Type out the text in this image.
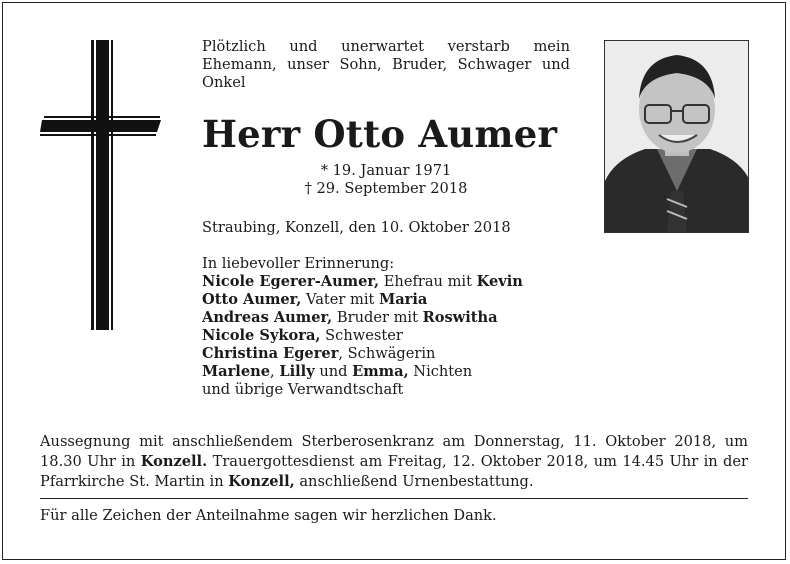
Plötzlich und unerwartet verstarb mein Ehemann, unser Sohn, Bruder, Schwager und Onkel
Herr Otto Aumer
* 19. Januar 1971
† 29. September 2018
Straubing, Konzell, den 10. Oktober 2018
In liebevoller Erinnerung:
Nicole Egerer-Aumer, Ehefrau mit Kevin
Otto Aumer, Vater mit Maria
Andreas Aumer, Bruder mit Roswitha
Nicole Sykora, Schwester
Christina Egerer, Schwägerin
Marlene, Lilly und Emma, Nichten
und übrige Verwandtschaft
Aussegnung mit anschließendem Sterberosenkranz am Donnerstag, 11. Oktober 2018, um 18.30 Uhr in Konzell. Trauergottesdienst am Freitag, 12. Oktober 2018, um 14.45 Uhr in der Pfarrkirche St. Martin in Konzell, anschließend Urnenbestattung.
Für alle Zeichen der Anteilnahme sagen wir herzlichen Dank.
